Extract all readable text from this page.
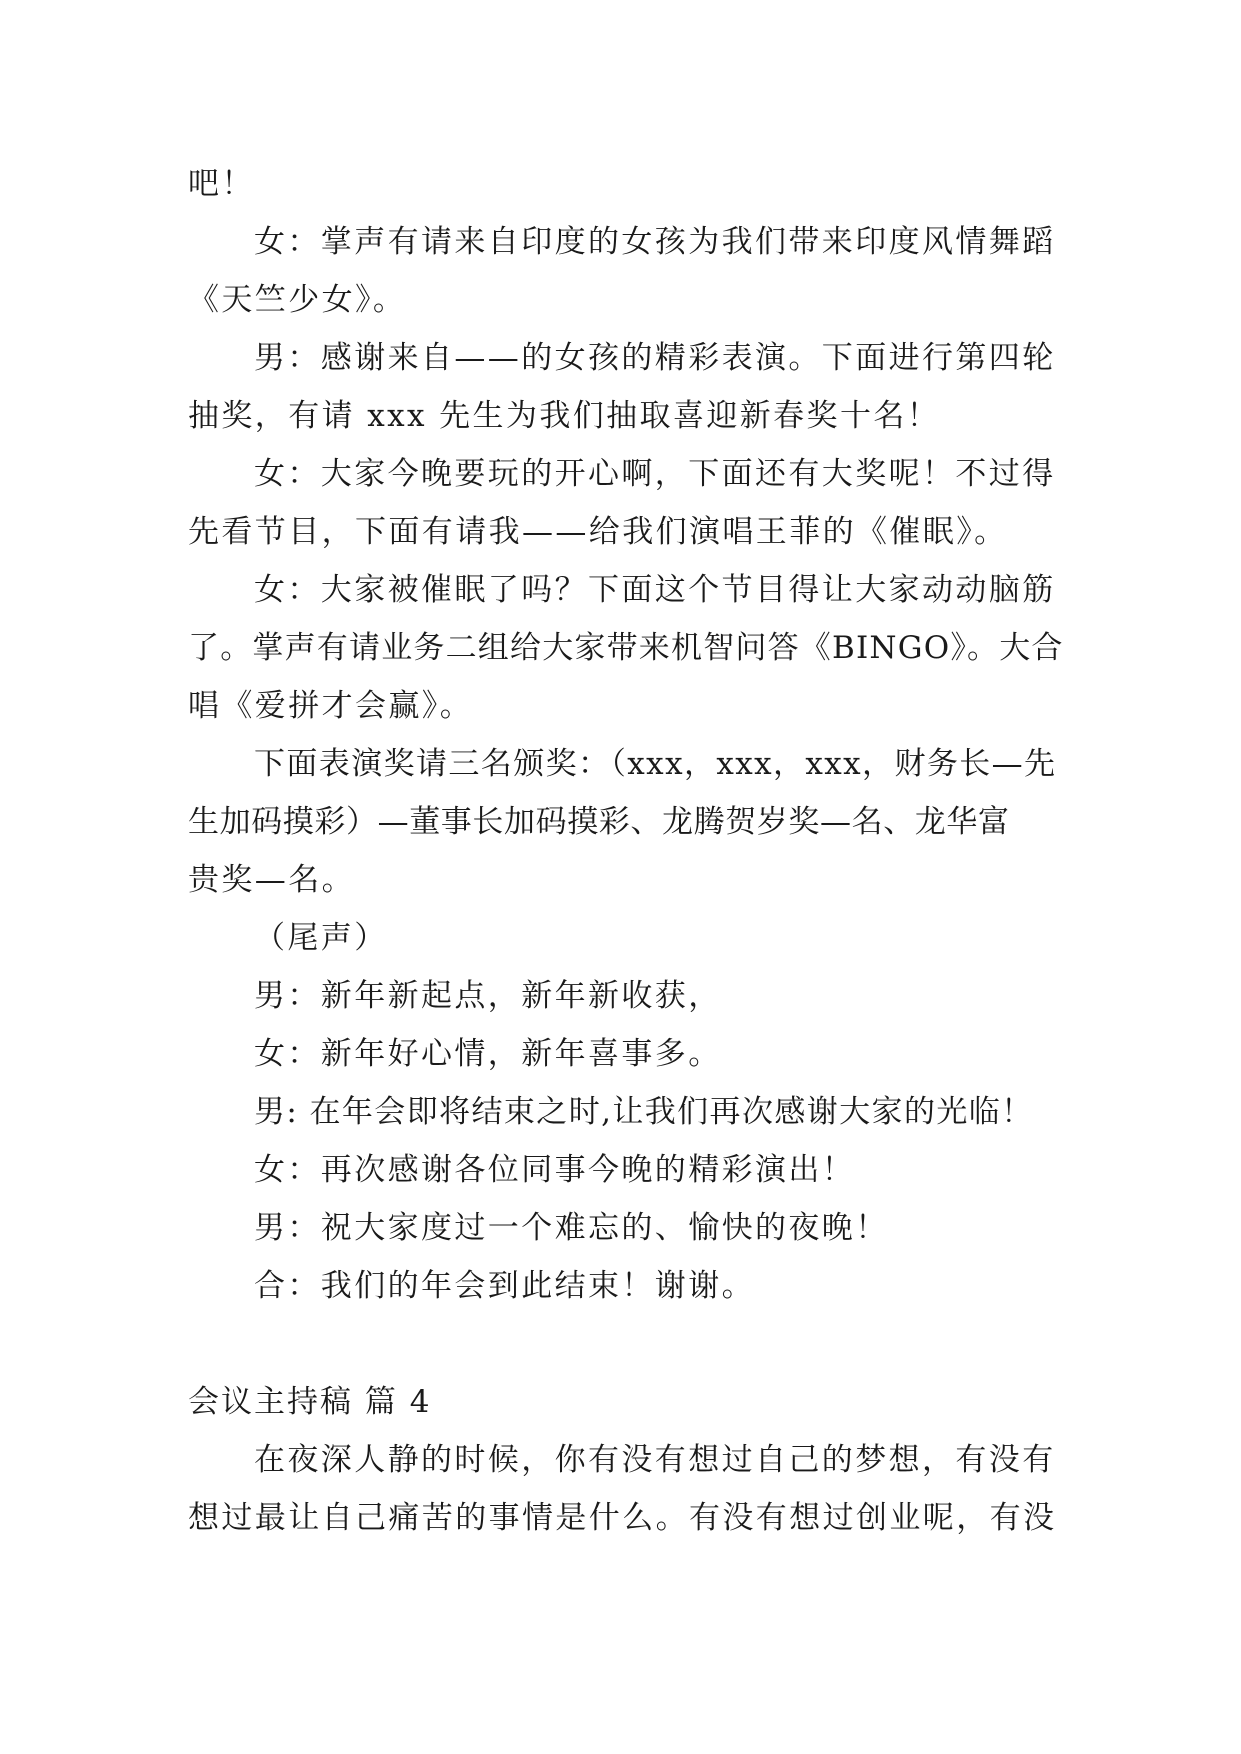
吧！
女：掌声有请来自印度的女孩为我们带来印度风情舞蹈
《天竺少女》。
男：感谢来自——的女孩的精彩表演。下面进行第四轮
抽奖，有请 xxx 先生为我们抽取喜迎新春奖十名！
女：大家今晚要玩的开心啊，下面还有大奖呢！不过得
先看节目，下面有请我——给我们演唱王菲的《催眠》。
女：大家被催眠了吗？下面这个节目得让大家动动脑筋
了。掌声有请业务二组给大家带来机智问答《BINGO》。大合
唱《爱拼才会赢》。
下面表演奖请三名颁奖：（xxx，xxx，xxx，财务长—先
生加码摸彩）—董事长加码摸彩、龙腾贺岁奖—名、龙华富
贵奖—名。
（尾声）
男：新年新起点，新年新收获，
女：新年好心情，新年喜事多。
男: 在年会即将结束之时,让我们再次感谢大家的光临！
女：再次感谢各位同事今晚的精彩演出！
男：祝大家度过一个难忘的、愉快的夜晚！
合：我们的年会到此结束！谢谢。
会议主持稿 篇 4
在夜深人静的时候，你有没有想过自己的梦想，有没有
想过最让自己痛苦的事情是什么。有没有想过创业呢，有没
